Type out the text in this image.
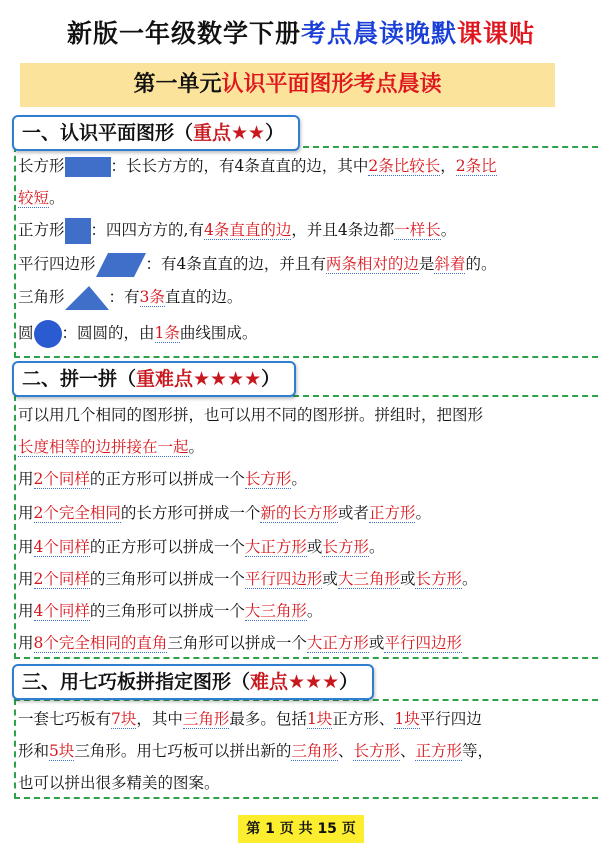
新版一年级数学下册考点晨读晚默课课贴
第一单元认识平面图形考点晨读
一、认识平面图形（重点★★）
长方形	：长长方方的，有4条直直的边，其中2条比较长，2条比
较短。
正方形 ：四四方方的,有4条直直的边，并且4条边都一样长。
平行四边形	：有4条直直的边，并且有两条相对的边是斜着的。
三角形	：有3条直直的边。
圆 ：圆圆的，由1条曲线围成。
二、拼一拼（重难点★★★★）
可以用几个相同的图形拼，也可以用不同的图形拼。拼组时，把图形
长度相等的边拼接在一起。
用2个同样的正方形可以拼成一个长方形。
用2个完全相同的长方形可拼成一个新的长方形或者正方形。
用4个同样的正方形可以拼成一个大正方形或长方形。
用2个同样的三角形可以拼成一个平行四边形或大三角形或长方形。
用4个同样的三角形可以拼成一个大三角形。
用8个完全相同的直角三角形可以拼成一个大正方形或平行四边形
三、用七巧板拼指定图形（难点★★★）
一套七巧板有7块，其中三角形最多。包括1块正方形、1块平行四边
形和5块三角形。用七巧板可以拼出新的三角形、长方形、正方形等，
也可以拼出很多精美的图案。
第 1 页 共 15 页
